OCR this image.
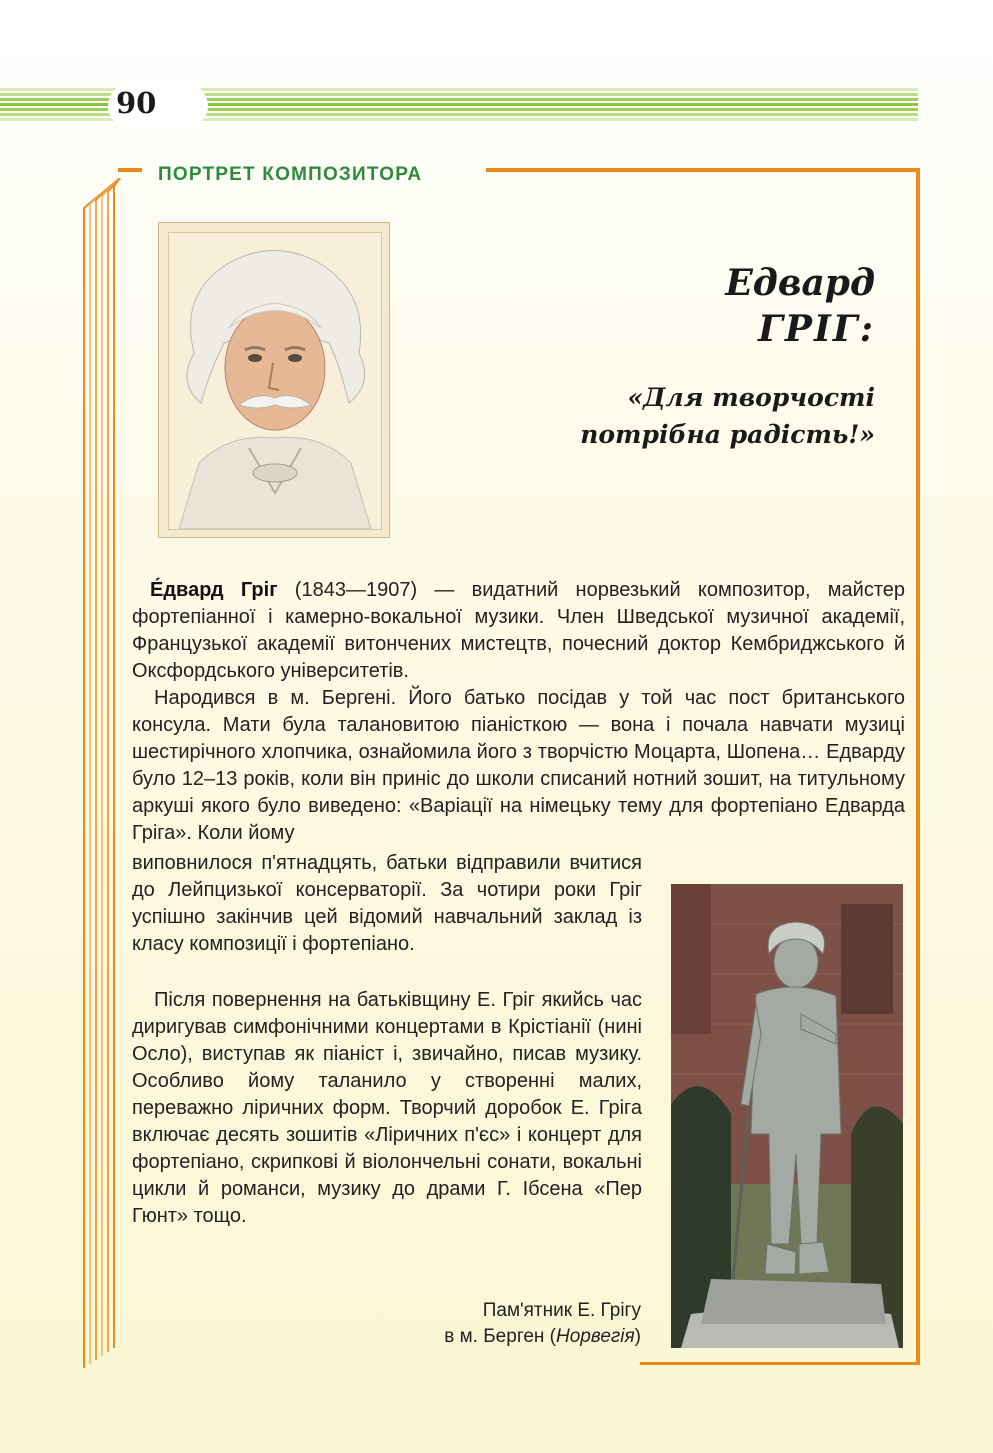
90
ПОРТРЕТ КОМПОЗИТОРА
Едвард
ГРІГ:
«Для творчості
потрібна радість!»
Е́двард Гріг (1843—1907) — видатний норвезький композитор, майстер фортепіанної і камерно-вокальної музики. Член Шведської музичної академії, Французької академії витончених мистецтв, почесний доктор Кембриджського й Оксфордського університетів.
Народився в м. Бергені. Його батько посідав у той час пост британського консула. Мати була талановитою піаністкою — вона і почала навчати музиці шестирічного хлопчика, ознайомила його з творчістю Моцарта, Шопена… Едварду було 12–13 років, коли він приніс до школи списаний нотний зошит, на титульному аркуші якого було виведено: «Варіації на німецьку тему для фортепіано Едварда Гріга». Коли йому
виповнилося п'ятнадцять, батьки відправили вчитися до Лейпцизької консерваторії. За чотири роки Гріг успішно закінчив цей відомий навчальний заклад із класу композиції і фортепіано.
Після повернення на батьківщину Е. Гріг якийсь час диригував симфонічними концертами в Крістіанії (нині Осло), виступав як піаніст і, звичайно, писав музику. Особливо йому таланило у створенні малих, переважно ліричних форм. Творчий доробок Е. Гріга включає десять зошитів «Ліричних п'єс» і концерт для фортепіано, скрипкові й віолончельні сонати, вокальні цикли й романси, музику до драми Г. Ібсена «Пер Гюнт» тощо.
Пам'ятник Е. Грігу
в м. Берген (Норвегія)
